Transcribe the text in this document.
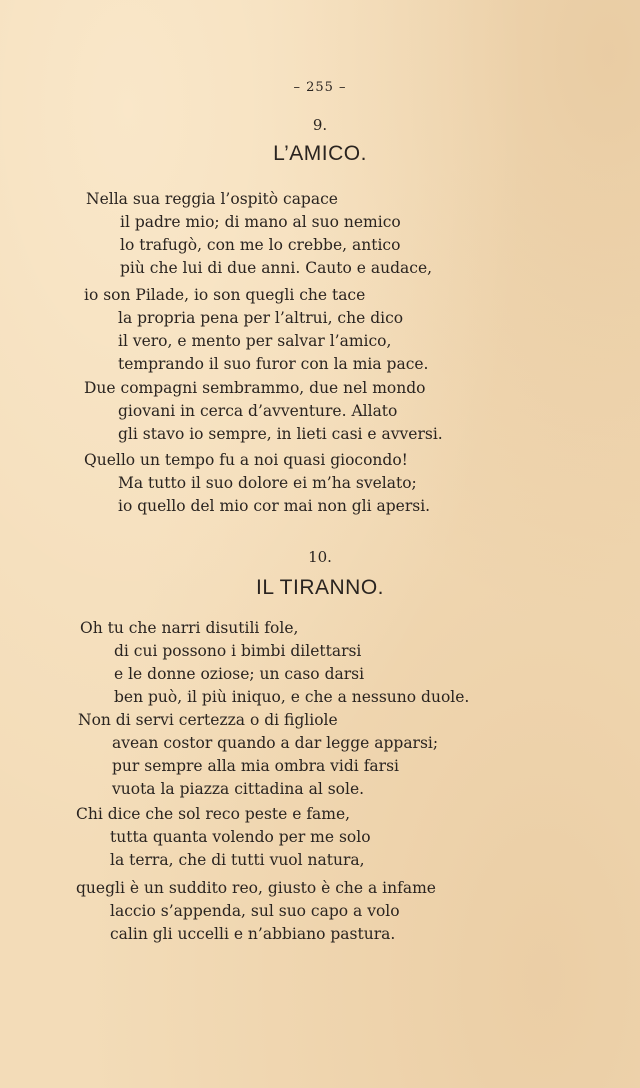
– 255 –

9.

L’AMICO.

Nella sua reggia l’ospitò capace
il padre mio; di mano al suo nemico
lo trafugò, con me lo crebbe, antico
più che lui di due anni. Cauto e audace,
io son Pilade, io son quegli che tace
la propria pena per l’altrui, che dico
il vero, e mento per salvar l’amico,
temprando il suo furor con la mia pace.
Due compagni sembrammo, due nel mondo
giovani in cerca d’avventure. Allato
gli stavo io sempre, in lieti casi e avversi.
Quello un tempo fu a noi quasi giocondo!
Ma tutto il suo dolore ei m’ha svelato;
io quello del mio cor mai non gli apersi.

10.

IL TIRANNO.

Oh tu che narri disutili fole,
di cui possono i bimbi dilettarsi
e le donne oziose; un caso darsi
ben può, il più iniquo, e che a nessuno duole.
Non di servi certezza o di figliole
avean costor quando a dar legge apparsi;
pur sempre alla mia ombra vidi farsi
vuota la piazza cittadina al sole.
Chi dice che sol reco peste e fame,
tutta quanta volendo per me solo
la terra, che di tutti vuol natura,
quegli è un suddito reo, giusto è che a infame
laccio s’appenda, sul suo capo a volo
calin gli uccelli e n’abbiano pastura.
